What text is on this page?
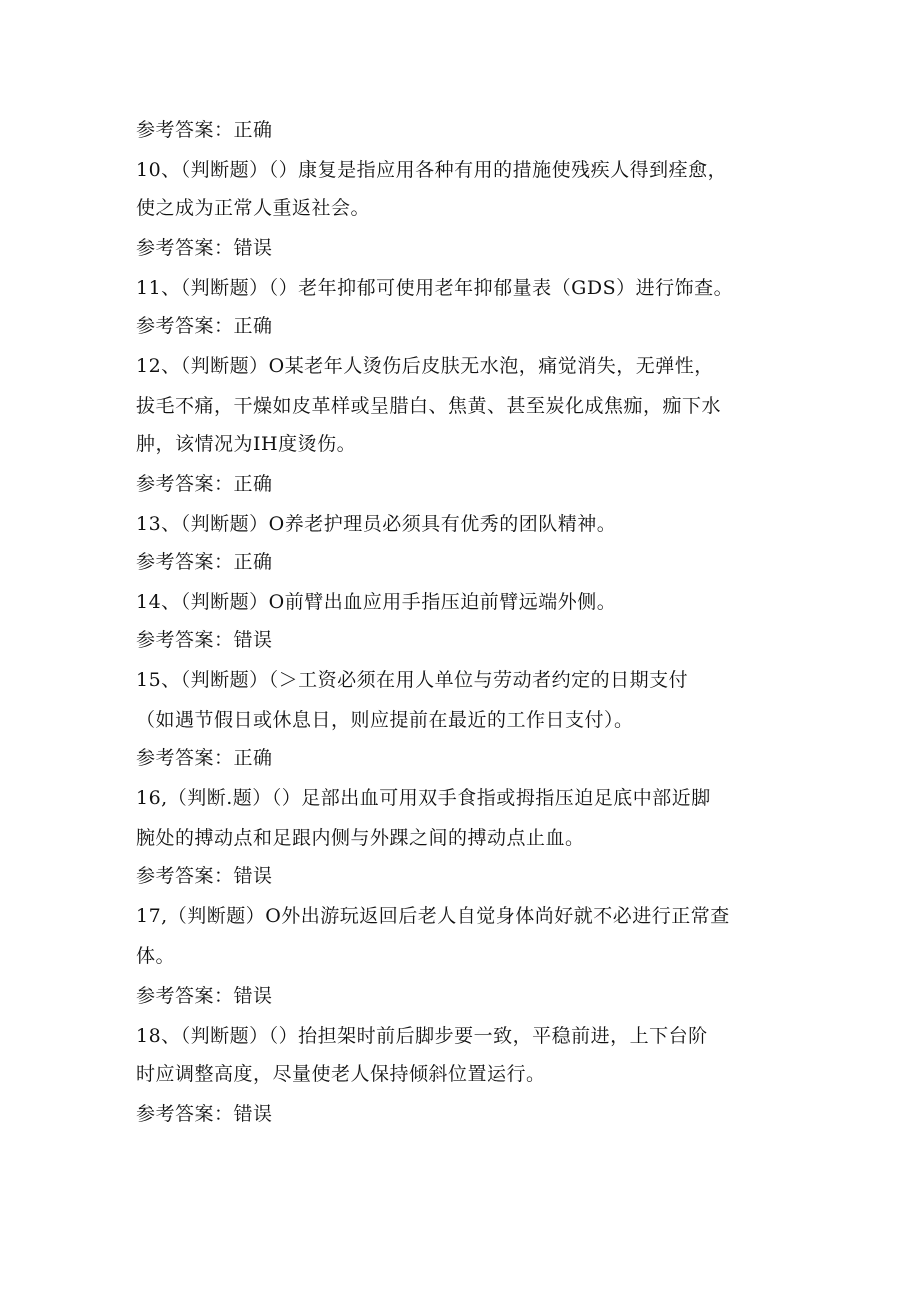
参考答案：正确
10、（判断题）（）康复是指应用各种有用的措施使残疾人得到痊愈，
使之成为正常人重返社会。
参考答案：错误
11、（判断题）（）老年抑郁可使用老年抑郁量表（GDS）进行饰查。
参考答案：正确
12、（判断题）O某老年人烫伤后皮肤无水泡，痛觉消失，无弹性，
拔毛不痛，干燥如皮革样或呈腊白、焦黄、甚至炭化成焦痂，痂下水
肿，该情况为IH度烫伤。
参考答案：正确
13、（判断题）O养老护理员必须具有优秀的团队精神。
参考答案：正确
14、（判断题）O前臂出血应用手指压迫前臂远端外侧。
参考答案：错误
15、（判断题）（＞工资必须在用人单位与劳动者约定的日期支付
（如遇节假日或休息日，则应提前在最近的工作日支付）。
参考答案：正确
16,（判断.题）（）足部出血可用双手食指或拇指压迫足底中部近脚
腕处的搏动点和足跟内侧与外踝之间的搏动点止血。
参考答案：错误
17,（判断题）O外出游玩返回后老人自觉身体尚好就不必进行正常查
体。
参考答案：错误
18、（判断题）（）抬担架时前后脚步要一致，平稳前进，上下台阶
时应调整高度，尽量使老人保持倾斜位置运行。
参考答案：错误
